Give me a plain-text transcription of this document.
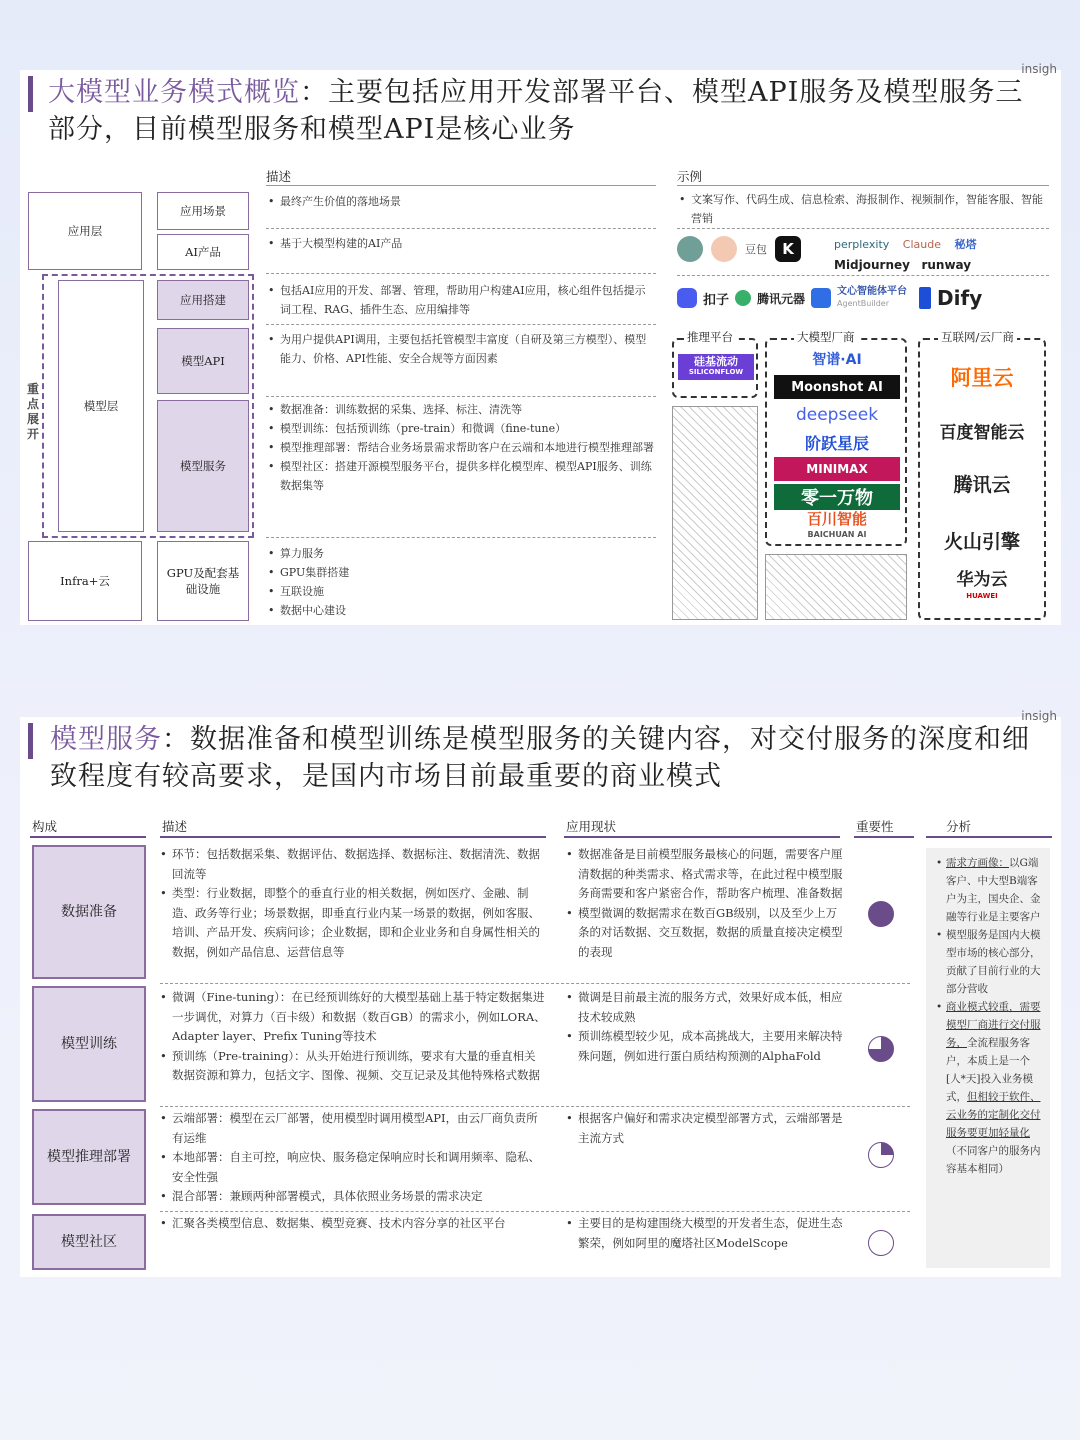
insigh
大模型业务模式概览：主要包括应用开发部署平台、模型API服务及模型服务三部分，目前模型服务和模型API是核心业务
描述	示例
应用层
重点展开
模型层
Infra+云
应用场景
AI产品
应用搭建
模型API
模型服务
GPU及配套基础设施
• 最终产生价值的落地场景
• 基于大模型构建的AI产品
• 包括AI应用的开发、部署、管理，帮助用户构建AI应用，核心组件包括提示词工程、RAG、插件生态、应用编排等
• 为用户提供API调用，主要包括托管模型丰富度（自研及第三方模型）、模型能力、价格、API性能、安全合规等方面因素
• 数据准备：训练数据的采集、选择、标注、清洗等
• 模型训练：包括预训练（pre-train）和微调（fine-tune）
• 模型推理部署：帮结合业务场景需求帮助客户在云端和本地进行模型推理部署
• 模型社区：搭建开源模型服务平台，提供多样化模型库、模型API服务、训练数据集等
• 算力服务
• GPU集群搭建
• 互联设施
• 数据中心建设
• 文案写作、代码生成、信息检索、海报制作、视频制作，智能客服、智能营销
豆包	K	perplexity Claude 秘塔
Midjourney runway
扣子 腾讯元器	文心智能体平台
AgentBuilder	Dify
推理平台
硅基流动
SILICONFLOW
大模型厂商
智谱·AI
Moonshot AI
deepseek
阶跃星辰
MINIMAX
零一万物
百川智能
BAICHUAN AI
互联网/云厂商
阿里云
百度智能云
腾讯云
火山引擎
华为云
HUAWEI
insigh
模型服务：数据准备和模型训练是模型服务的关键内容，对交付服务的深度和细致程度有较高要求，是国内市场目前最重要的商业模式
构成	描述	应用现状	重要性	分析
数据准备
• 环节：包括数据采集、数据评估、数据选择、数据标注、数据清洗、数据回流等
• 类型：行业数据，即整个的垂直行业的相关数据，例如医疗、金融、制造、政务等行业；场景数据，即垂直行业内某一场景的数据，例如客服、培训、产品开发、疾病问诊；企业数据，即和企业业务和自身属性相关的数据，例如产品信息、运营信息等
• 数据准备是目前模型服务最核心的问题，需要客户厘清数据的种类需求、格式需求等，在此过程中模型服务商需要和客户紧密合作，帮助客户梳理、准备数据
• 模型微调的数据需求在数百GB级别，以及至少上万条的对话数据、交互数据，数据的质量直接决定模型的表现
模型训练
• 微调（Fine-tuning）：在已经预训练好的大模型基础上基于特定数据集进一步调优，对算力（百卡级）和数据（数百GB）的需求小，例如LORA、Adapter layer、Prefix Tuning等技术
• 预训练（Pre-training）：从头开始进行预训练，要求有大量的垂直相关数据资源和算力，包括文字、图像、视频、交互记录及其他特殊格式数据
• 微调是目前最主流的服务方式，效果好成本低，相应技术较成熟
• 预训练模型较少见，成本高挑战大，主要用来解决特殊问题，例如进行蛋白质结构预测的AlphaFold
模型推理部署
• 云端部署：模型在云厂部署，使用模型时调用模型API，由云厂商负责所有运维
• 本地部署：自主可控，响应快、服务稳定保响应时长和调用频率、隐私、安全性强
• 混合部署：兼顾两种部署模式，具体依照业务场景的需求决定
• 根据客户偏好和需求决定模型部署方式，云端部署是主流方式
模型社区
• 汇聚各类模型信息、数据集、模型竞赛、技术内容分享的社区平台
•	主要目的是构建围绕大模型的开发者生态，促进生态繁荣，例如阿里的魔塔社区ModelScope
• 需求方画像：以G端客户、中大型B端客户为主，国央企、金融等行业是主要客户
• 模型服务是国内大模型市场的核心部分，贡献了目前行业的大部分营收
• 商业模式较重，需要模型厂商进行交付服务，全流程服务客户，本质上是一个[人*天]投入业务模式，但相较于软件、云业务的定制化交付服务要更加轻量化（不同客户的服务内容基本相同）
